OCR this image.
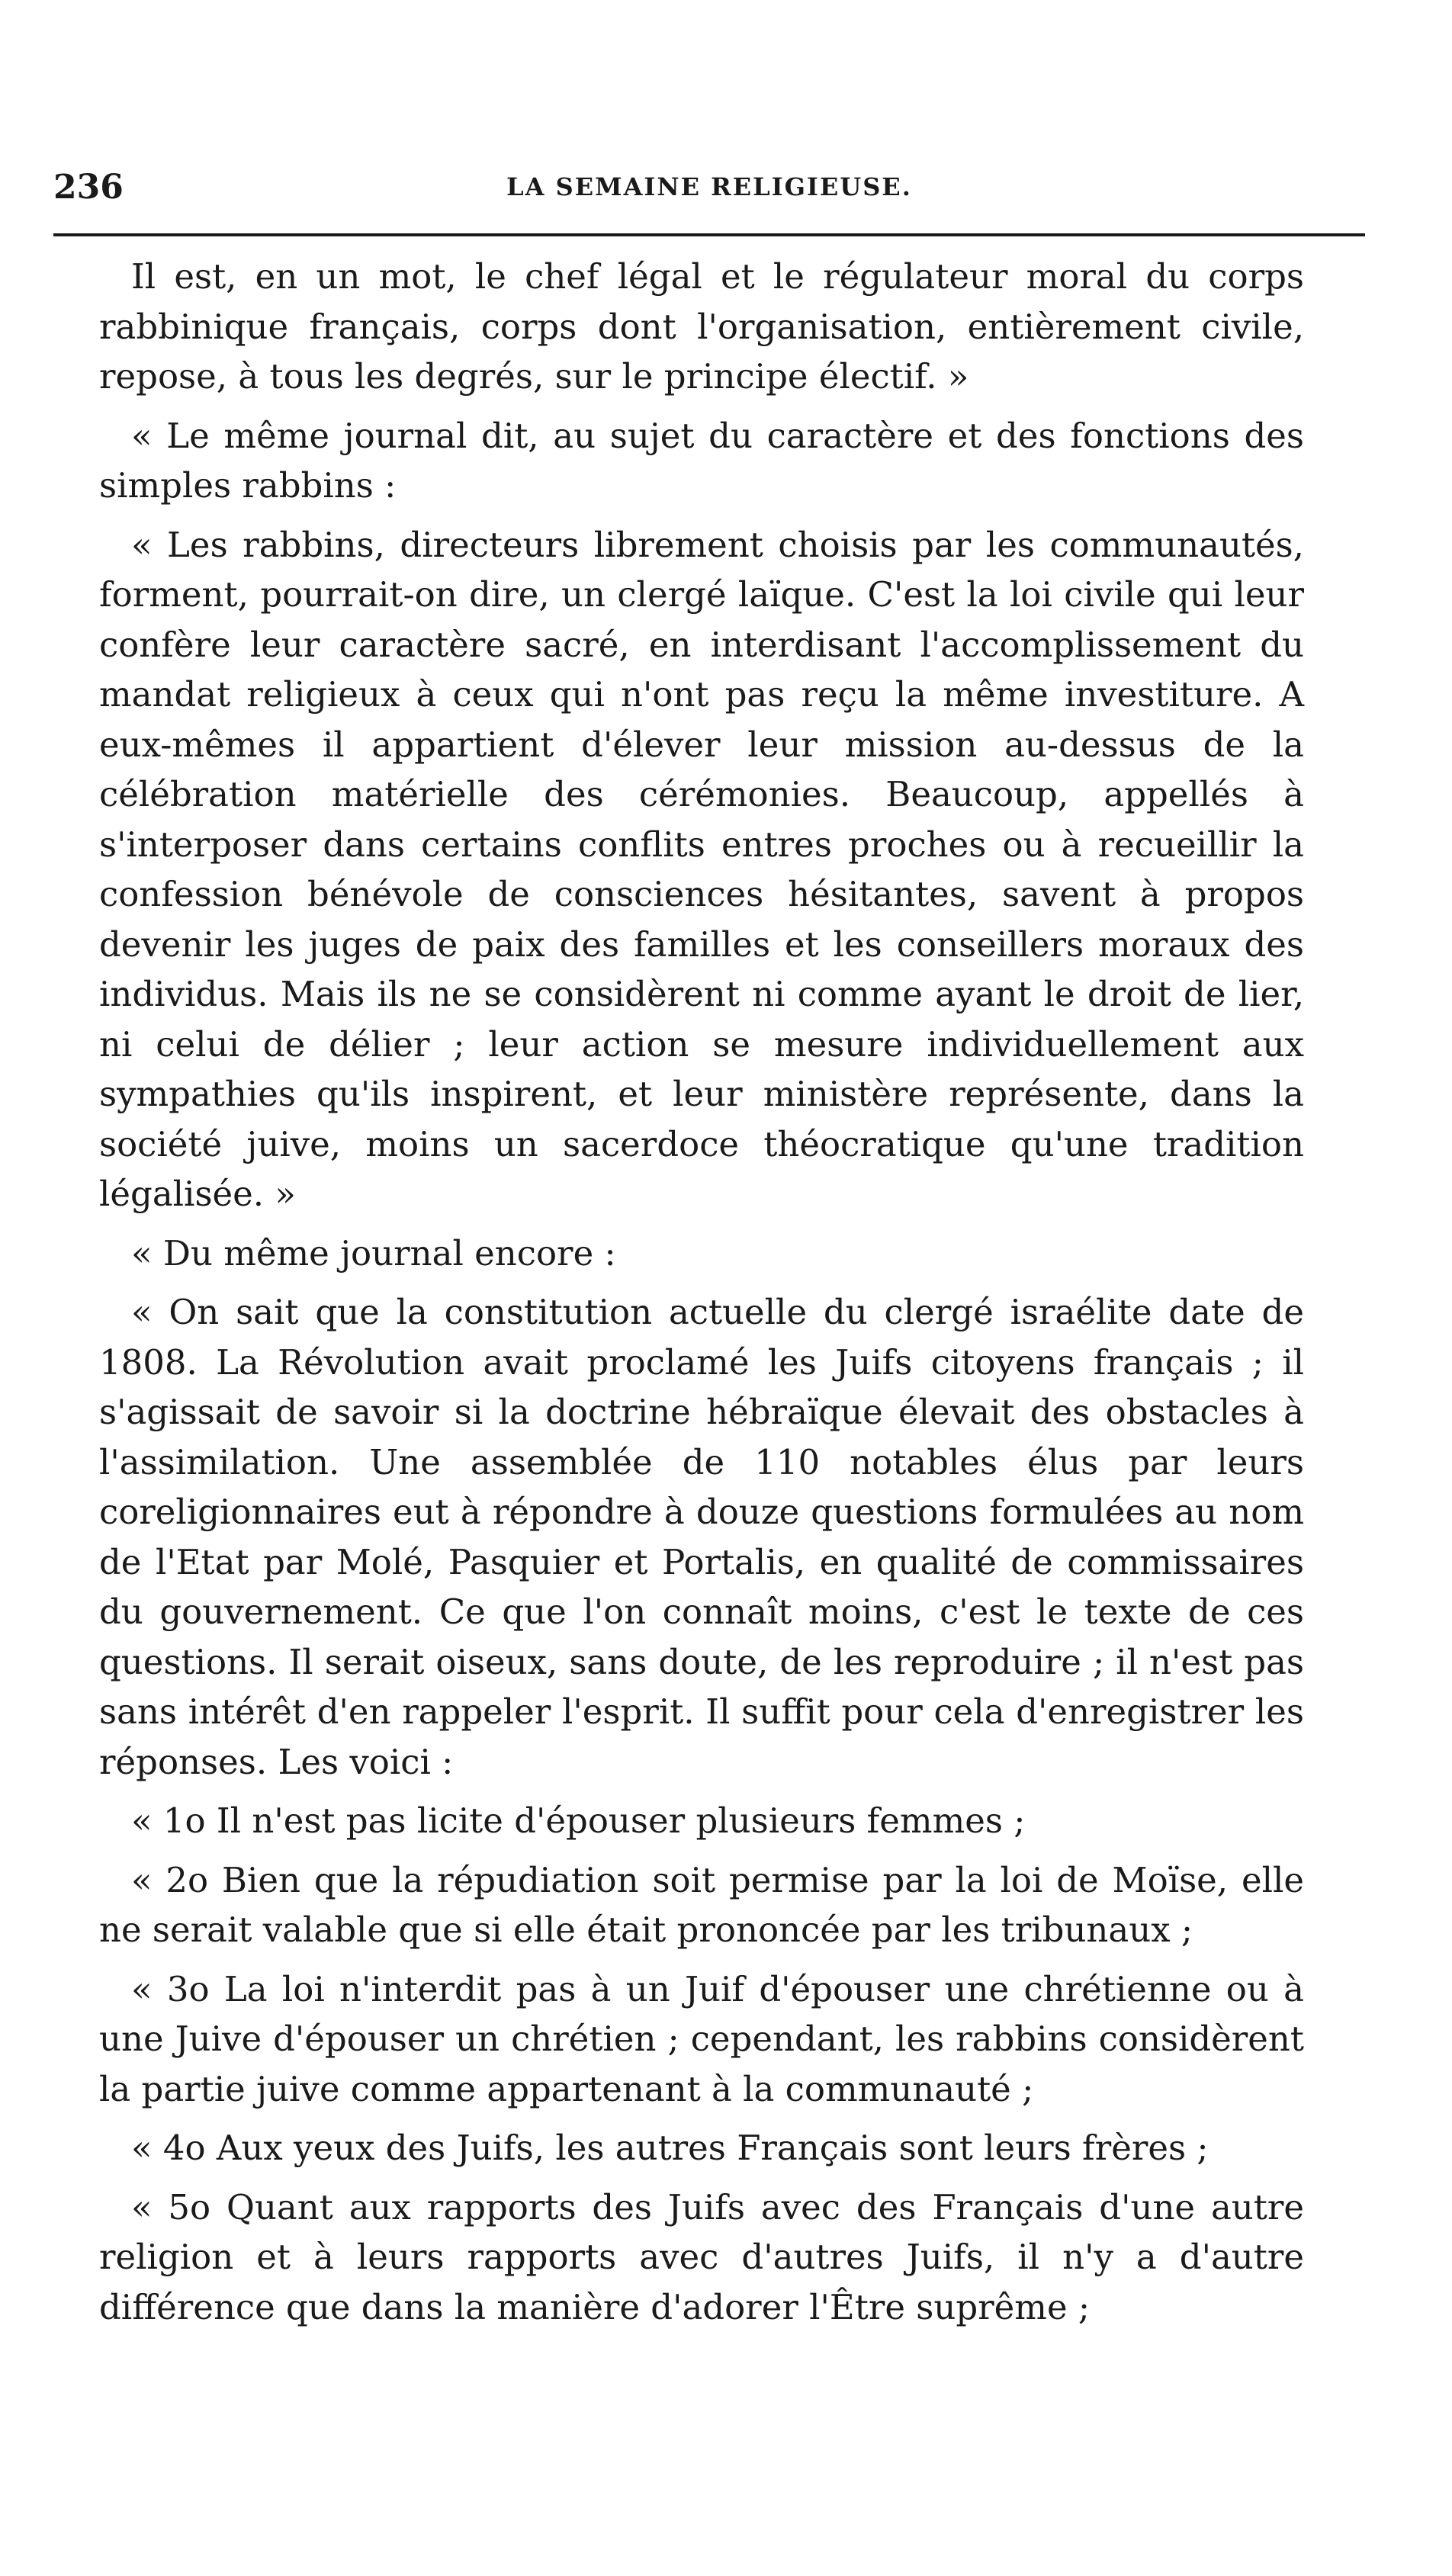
236	LA SEMAINE RELIGIEUSE.

Il est, en un mot, le chef légal et le régulateur moral du corps rabbinique français, corps dont l'organisation, entièrement civile, repose, à tous les degrés, sur le principe électif. »

« Le même journal dit, au sujet du caractère et des fonctions des simples rabbins :

« Les rabbins, directeurs librement choisis par les communautés, forment, pourrait-on dire, un clergé laïque. C'est la loi civile qui leur confère leur caractère sacré, en interdisant l'accomplissement du mandat religieux à ceux qui n'ont pas reçu la même investiture. A eux-mêmes il appartient d'élever leur mission au-dessus de la célébration matérielle des cérémonies. Beaucoup, appellés à s'interposer dans certains conflits entres proches ou à recueillir la confession bénévole de consciences hésitantes, savent à propos devenir les juges de paix des familles et les conseillers moraux des individus. Mais ils ne se considèrent ni comme ayant le droit de lier, ni celui de délier ; leur action se mesure individuellement aux sympathies qu'ils inspirent, et leur ministère représente, dans la société juive, moins un sacerdoce théocratique qu'une tradition légalisée. »

« Du même journal encore :

« On sait que la constitution actuelle du clergé israélite date de 1808. La Révolution avait proclamé les Juifs citoyens français ; il s'agissait de savoir si la doctrine hébraïque élevait des obstacles à l'assimilation. Une assemblée de 110 notables élus par leurs coreligionnaires eut à répondre à douze questions formulées au nom de l'Etat par Molé, Pasquier et Portalis, en qualité de commissaires du gouvernement. Ce que l'on connaît moins, c'est le texte de ces questions. Il serait oiseux, sans doute, de les reproduire ; il n'est pas sans intérêt d'en rappeler l'esprit. Il suffit pour cela d'enregistrer les réponses. Les voici :

« 1o Il n'est pas licite d'épouser plusieurs femmes ;

« 2o Bien que la répudiation soit permise par la loi de Moïse, elle ne serait valable que si elle était prononcée par les tribunaux ;

« 3o La loi n'interdit pas à un Juif d'épouser une chrétienne ou à une Juive d'épouser un chrétien ; cependant, les rabbins considèrent la partie juive comme appartenant à la communauté ;

« 4o Aux yeux des Juifs, les autres Français sont leurs frères ;

« 5o Quant aux rapports des Juifs avec des Français d'une autre religion et à leurs rapports avec d'autres Juifs, il n'y a d'autre différence que dans la manière d'adorer l'Être suprême ;
